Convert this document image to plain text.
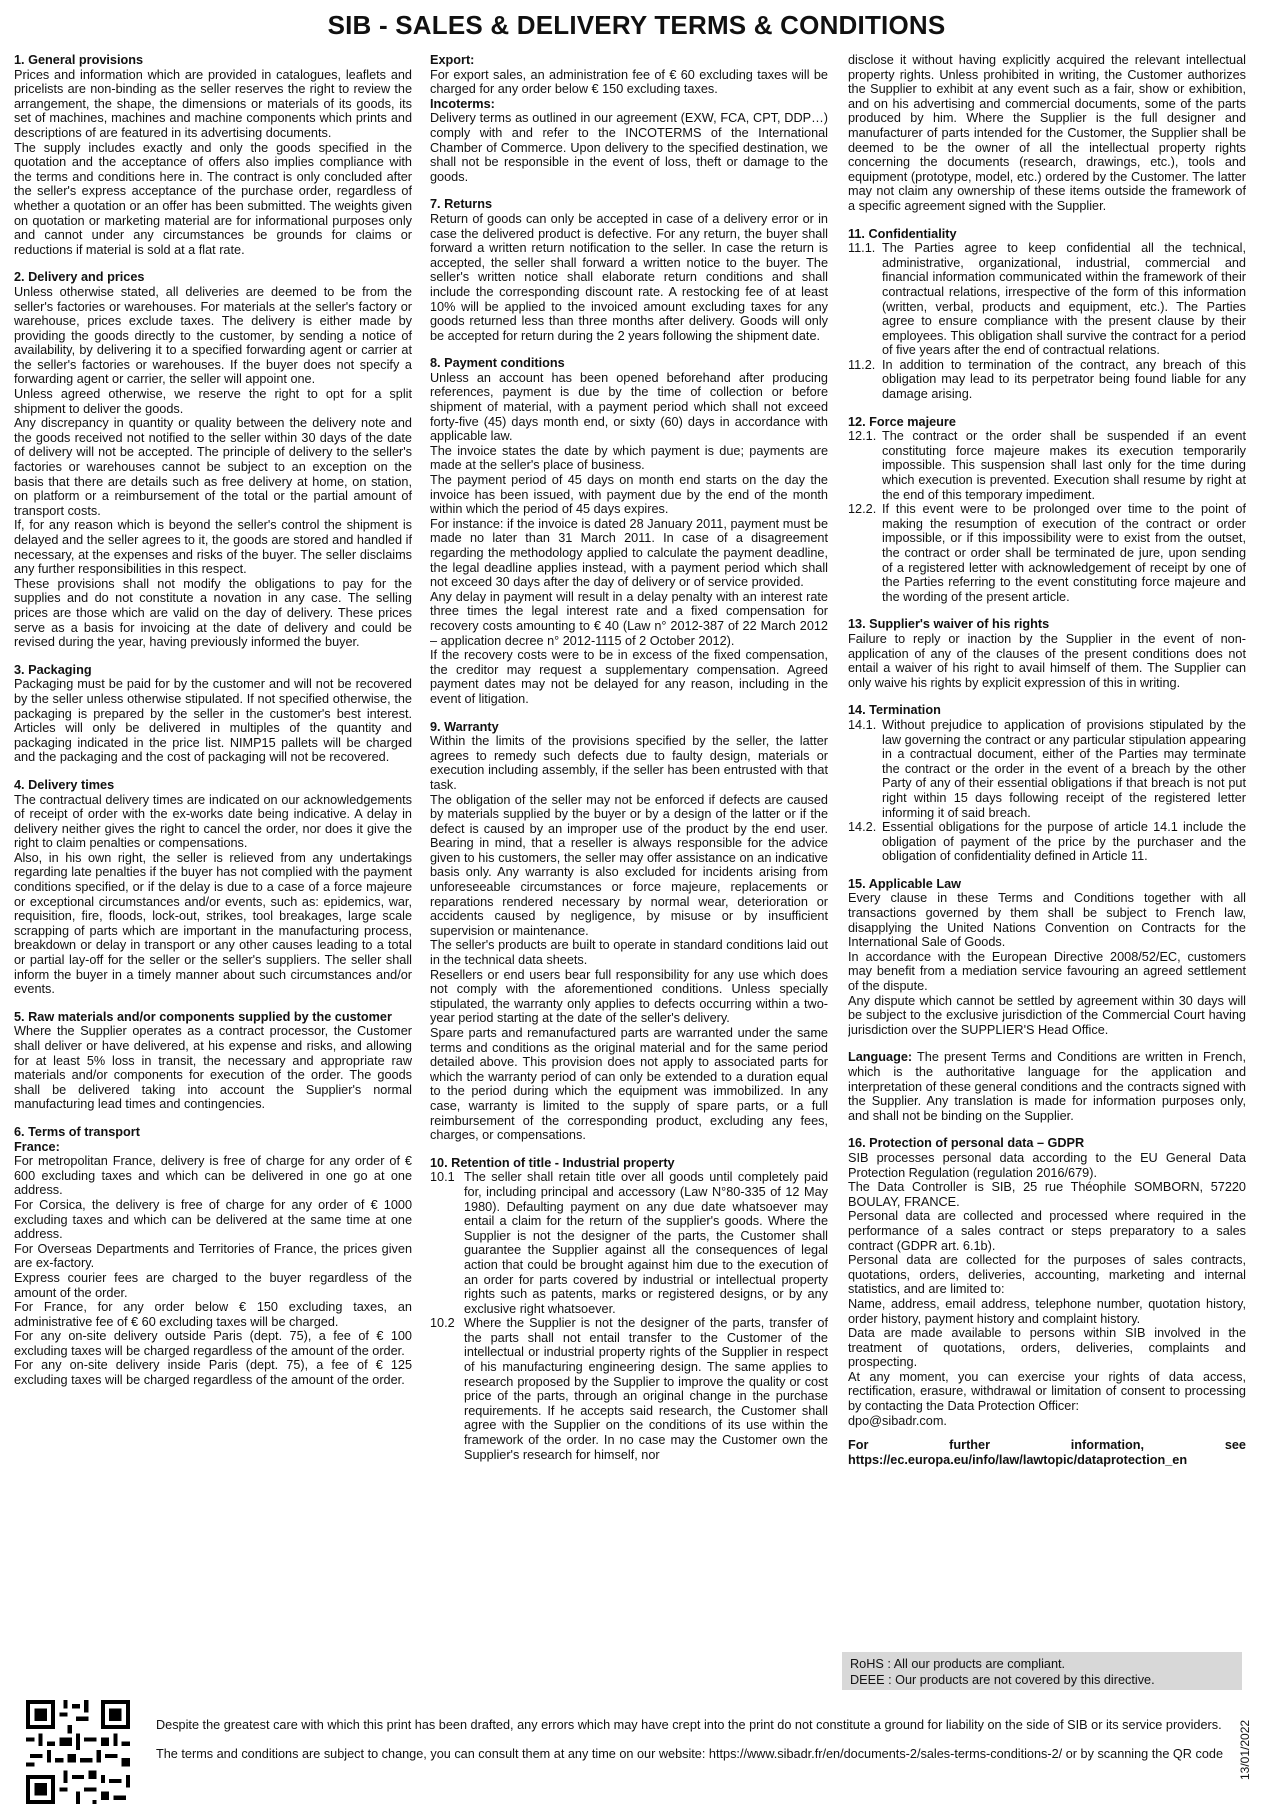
SIB - SALES & DELIVERY TERMS & CONDITIONS
1. General provisions

Prices and information which are provided in catalogues, leaflets and pricelists are non-binding as the seller reserves the right to review the arrangement, the shape, the dimensions or materials of its goods, its set of machines, machines and machine components which prints and descriptions of are featured in its advertising documents.

The supply includes exactly and only the goods specified in the quotation and the acceptance of offers also implies compliance with the terms and conditions here in. The contract is only concluded after the seller's express acceptance of the purchase order, regardless of whether a quotation or an offer has been submitted. The weights given on quotation or marketing material are for informational purposes only and cannot under any circumstances be grounds for claims or reductions if material is sold at a flat rate.

2. Delivery and prices

Unless otherwise stated, all deliveries are deemed to be from the seller's factories or warehouses. For materials at the seller's factory or warehouse, prices exclude taxes. The delivery is either made by providing the goods directly to the customer, by sending a notice of availability, by delivering it to a specified forwarding agent or carrier at the seller's factories or warehouses. If the buyer does not specify a forwarding agent or carrier, the seller will appoint one.

Unless agreed otherwise, we reserve the right to opt for a split shipment to deliver the goods.

Any discrepancy in quantity or quality between the delivery note and the goods received not notified to the seller within 30 days of the date of delivery will not be accepted. The principle of delivery to the seller's factories or warehouses cannot be subject to an exception on the basis that there are details such as free delivery at home, on station, on platform or a reimbursement of the total or the partial amount of transport costs.

If, for any reason which is beyond the seller's control the shipment is delayed and the seller agrees to it, the goods are stored and handled if necessary, at the expenses and risks of the buyer. The seller disclaims any further responsibilities in this respect.

These provisions shall not modify the obligations to pay for the supplies and do not constitute a novation in any case. The selling prices are those which are valid on the day of delivery. These prices serve as a basis for invoicing at the date of delivery and could be revised during the year, having previously informed the buyer.

3. Packaging

Packaging must be paid for by the customer and will not be recovered by the seller unless otherwise stipulated. If not specified otherwise, the packaging is prepared by the seller in the customer's best interest. Articles will only be delivered in multiples of the quantity and packaging indicated in the price list. NIMP15 pallets will be charged and the packaging and the cost of packaging will not be recovered.

4. Delivery times

The contractual delivery times are indicated on our acknowledgements of receipt of order with the ex-works date being indicative. A delay in delivery neither gives the right to cancel the order, nor does it give the right to claim penalties or compensations.

Also, in his own right, the seller is relieved from any undertakings regarding late penalties if the buyer has not complied with the payment conditions specified, or if the delay is due to a case of a force majeure or exceptional circumstances and/or events, such as: epidemics, war, requisition, fire, floods, lock-out, strikes, tool breakages, large scale scrapping of parts which are important in the manufacturing process, breakdown or delay in transport or any other causes leading to a total or partial lay-off for the seller or the seller's suppliers. The seller shall inform the buyer in a timely manner about such circumstances and/or events.

5. Raw materials and/or components supplied by the customer

Where the Supplier operates as a contract processor, the Customer shall deliver or have delivered, at his expense and risks, and allowing for at least 5% loss in transit, the necessary and appropriate raw materials and/or components for execution of the order. The goods shall be delivered taking into account the Supplier's normal manufacturing lead times and contingencies.

6. Terms of transport

France:

For metropolitan France, delivery is free of charge for any order of € 600 excluding taxes and which can be delivered in one go at one address.

For Corsica, the delivery is free of charge for any order of € 1000 excluding taxes and which can be delivered at the same time at one address.

For Overseas Departments and Territories of France, the prices given are ex-factory.

Express courier fees are charged to the buyer regardless of the amount of the order.

For France, for any order below € 150 excluding taxes, an administrative fee of € 60 excluding taxes will be charged.

For any on-site delivery outside Paris (dept. 75), a fee of € 100 excluding taxes will be charged regardless of the amount of the order.

For any on-site delivery inside Paris (dept. 75), a fee of € 125 excluding taxes will be charged regardless of the amount of the order.

Export:

For export sales, an administration fee of € 60 excluding taxes will be charged for any order below € 150 excluding taxes.

Incoterms:

Delivery terms as outlined in our agreement (EXW, FCA, CPT, DDP…) comply with and refer to the INCOTERMS of the International Chamber of Commerce. Upon delivery to the specified destination, we shall not be responsible in the event of loss, theft or damage to the goods.

7. Returns

Return of goods can only be accepted in case of a delivery error or in case the delivered product is defective. For any return, the buyer shall forward a written return notification to the seller. In case the return is accepted, the seller shall forward a written notice to the buyer. The seller's written notice shall elaborate return conditions and shall include the corresponding discount rate. A restocking fee of at least 10% will be applied to the invoiced amount excluding taxes for any goods returned less than three months after delivery. Goods will only be accepted for return during the 2 years following the shipment date.

8. Payment conditions

Unless an account has been opened beforehand after producing references, payment is due by the time of collection or before shipment of material, with a payment period which shall not exceed forty-five (45) days month end, or sixty (60) days in accordance with applicable law.

The invoice states the date by which payment is due; payments are made at the seller's place of business.

The payment period of 45 days on month end starts on the day the invoice has been issued, with payment due by the end of the month within which the period of 45 days expires.

For instance: if the invoice is dated 28 January 2011, payment must be made no later than 31 March 2011. In case of a disagreement regarding the methodology applied to calculate the payment deadline, the legal deadline applies instead, with a payment period which shall not exceed 30 days after the day of delivery or of service provided.

Any delay in payment will result in a delay penalty with an interest rate three times the legal interest rate and a fixed compensation for recovery costs amounting to € 40 (Law n° 2012-387 of 22 March 2012 – application decree n° 2012-1115 of 2 October 2012).

If the recovery costs were to be in excess of the fixed compensation, the creditor may request a supplementary compensation. Agreed payment dates may not be delayed for any reason, including in the event of litigation.

9. Warranty

Within the limits of the provisions specified by the seller, the latter agrees to remedy such defects due to faulty design, materials or execution including assembly, if the seller has been entrusted with that task.

The obligation of the seller may not be enforced if defects are caused by materials supplied by the buyer or by a design of the latter or if the defect is caused by an improper use of the product by the end user. Bearing in mind, that a reseller is always responsible for the advice given to his customers, the seller may offer assistance on an indicative basis only. Any warranty is also excluded for incidents arising from unforeseeable circumstances or force majeure, replacements or reparations rendered necessary by normal wear, deterioration or accidents caused by negligence, by misuse or by insufficient supervision or maintenance.

The seller's products are built to operate in standard conditions laid out in the technical data sheets.

Resellers or end users bear full responsibility for any use which does not comply with the aforementioned conditions. Unless specially stipulated, the warranty only applies to defects occurring within a two-year period starting at the date of the seller's delivery.

Spare parts and remanufactured parts are warranted under the same terms and conditions as the original material and for the same period detailed above. This provision does not apply to associated parts for which the warranty period of can only be extended to a duration equal to the period during which the equipment was immobilized. In any case, warranty is limited to the supply of spare parts, or a full reimbursement of the corresponding product, excluding any fees, charges, or compensations.

10. Retention of title - Industrial property

10.1 The seller shall retain title over all goods until completely paid for, including principal and accessory (Law N°80-335 of 12 May 1980). Defaulting payment on any due date whatsoever may entail a claim for the return of the supplier's goods. Where the Supplier is not the designer of the parts, the Customer shall guarantee the Supplier against all the consequences of legal action that could be brought against him due to the execution of an order for parts covered by industrial or intellectual property rights such as patents, marks or registered designs, or by any exclusive right whatsoever.

10.2 Where the Supplier is not the designer of the parts, transfer of the parts shall not entail transfer to the Customer of the intellectual or industrial property rights of the Supplier in respect of his manufacturing engineering design. The same applies to research proposed by the Supplier to improve the quality or cost price of the parts, through an original change in the purchase requirements. If he accepts said research, the Customer shall agree with the Supplier on the conditions of its use within the framework of the order. In no case may the Customer own the Supplier's research for himself, nor

disclose it without having explicitly acquired the relevant intellectual property rights. Unless prohibited in writing, the Customer authorizes the Supplier to exhibit at any event such as a fair, show or exhibition, and on his advertising and commercial documents, some of the parts produced by him. Where the Supplier is the full designer and manufacturer of parts intended for the Customer, the Supplier shall be deemed to be the owner of all the intellectual property rights concerning the documents (research, drawings, etc.), tools and equipment (prototype, model, etc.) ordered by the Customer. The latter may not claim any ownership of these items outside the framework of a specific agreement signed with the Supplier.

11. Confidentiality

11.1. The Parties agree to keep confidential all the technical, administrative, organizational, industrial, commercial and financial information communicated within the framework of their contractual relations, irrespective of the form of this information (written, verbal, products and equipment, etc.). The Parties agree to ensure compliance with the present clause by their employees. This obligation shall survive the contract for a period of five years after the end of contractual relations.

11.2. In addition to termination of the contract, any breach of this obligation may lead to its perpetrator being found liable for any damage arising.

12. Force majeure

12.1. The contract or the order shall be suspended if an event constituting force majeure makes its execution temporarily impossible. This suspension shall last only for the time during which execution is prevented. Execution shall resume by right at the end of this temporary impediment.

12.2. If this event were to be prolonged over time to the point of making the resumption of execution of the contract or order impossible, or if this impossibility were to exist from the outset, the contract or order shall be terminated de jure, upon sending of a registered letter with acknowledgement of receipt by one of the Parties referring to the event constituting force majeure and the wording of the present article.

13. Supplier's waiver of his rights

Failure to reply or inaction by the Supplier in the event of non-application of any of the clauses of the present conditions does not entail a waiver of his right to avail himself of them. The Supplier can only waive his rights by explicit expression of this in writing.

14. Termination

14.1. Without prejudice to application of provisions stipulated by the law governing the contract or any particular stipulation appearing in a contractual document, either of the Parties may terminate the contract or the order in the event of a breach by the other Party of any of their essential obligations if that breach is not put right within 15 days following receipt of the registered letter informing it of said breach.

14.2. Essential obligations for the purpose of article 14.1 include the obligation of payment of the price by the purchaser and the obligation of confidentiality defined in Article 11.

15. Applicable Law

Every clause in these Terms and Conditions together with all transactions governed by them shall be subject to French law, disapplying the United Nations Convention on Contracts for the International Sale of Goods.

In accordance with the European Directive 2008/52/EC, customers may benefit from a mediation service favouring an agreed settlement of the dispute.

Any dispute which cannot be settled by agreement within 30 days will be subject to the exclusive jurisdiction of the Commercial Court having jurisdiction over the SUPPLIER'S Head Office.

Language: The present Terms and Conditions are written in French, which is the authoritative language for the application and interpretation of these general conditions and the contracts signed with the Supplier. Any translation is made for information purposes only, and shall not be binding on the Supplier.

16. Protection of personal data – GDPR

SIB processes personal data according to the EU General Data Protection Regulation (regulation 2016/679).

The Data Controller is SIB, 25 rue Théophile SOMBORN, 57220 BOULAY, FRANCE.

Personal data are collected and processed where required in the performance of a sales contract or steps preparatory to a sales contract (GDPR art. 6.1b).

Personal data are collected for the purposes of sales contracts, quotations, orders, deliveries, accounting, marketing and internal statistics, and are limited to:

Name, address, email address, telephone number, quotation history, order history, payment history and complaint history.

Data are made available to persons within SIB involved in the treatment of quotations, orders, deliveries, complaints and prospecting.

At any moment, you can exercise your rights of data access, rectification, erasure, withdrawal or limitation of consent to processing by contacting the Data Protection Officer:

dpo@sibadr.com.

For further information, see https://ec.europa.eu/info/law/lawtopic/dataprotection_en

RoHS : All our products are compliant.
DEEE : Our products are not covered by this directive.

Despite the greatest care with which this print has been drafted, any errors which may have crept into the print do not constitute a ground for liability on the side of SIB or its service providers.

The terms and conditions are subject to change, you can consult them at any time on our website: https://www.sibadr.fr/en/documents-2/sales-terms-conditions-2/ or by scanning the QR code	13/01/2022
